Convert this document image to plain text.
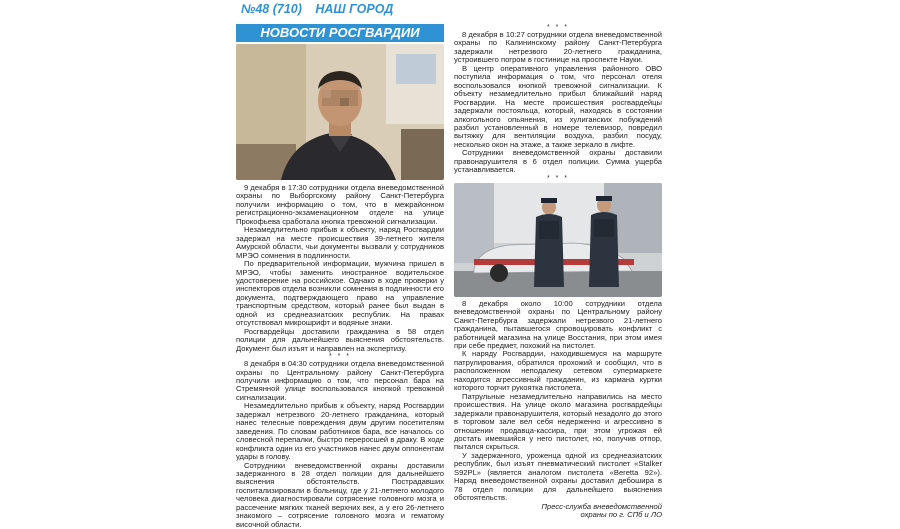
№48 (710) НАШ ГОРОД
НОВОСТИ РОСГВАРДИИ

9 декабря в 17:30 сотрудники отдела вневедомственной охраны по Выборгскому району Санкт-Петербурга получили информацию о том, что в межрайонном регистрационно-экзаменационном отделе на улице Прокофьева сработала кнопка тревожной сигнализации.

Незамедлительно прибыв к объекту, наряд Росгвардии задержал на месте происшествия 39-летнего жителя Амурской области, чьи документы вызвали у сотрудников МРЭО сомнения в подлинности.

По предварительной информации, мужчина пришел в МРЭО, чтобы заменить иностранное водительское удостоверение на российское. Однако в ходе проверки у инспекторов отдела возникли сомнения в подлинности его документа, подтверждающего право на управление транспортным средством, который ранее был выдан в одной из среднеазиатских республик. На правах отсутствовал микрошрифт и водяные знаки.

Росгвардейцы доставили гражданина в 58 отдел полиции для дальнейшего выяснения обстоятельств. Документ был изъят и направлен на экспертизу.

* * *

8 декабря в 04:30 сотрудники отдела вневедомственной охраны по Центральному району Санкт-Петербурга получили информацию о том, что персонал бара на Стремянной улице воспользовался кнопкой тревожной сигнализации.

Незамедлительно прибыв к объекту, наряд Росгвардии задержал нетрезвого 20-летнего гражданина, который нанес телесные повреждения двум другим посетителям заведения. По словам работников бара, все началось со словесной перепалки, быстро переросшей в драку. В ходе конфликта один из его участников нанес двум оппонентам удары в голову.

Сотрудники вневедомственной охраны доставили задержанного в 28 отдел полиции для дальнейшего выяснения обстоятельств. Пострадавших госпитализировали в больницу, где у 21-летнего молодого человека диагностировали сотрясение головного мозга и рассечение мягких тканей верхних век, а у его 26-летнего знакомого – сотрясение головного мозга и гематому височной области.

* * *

8 декабря в 10:27 сотрудники отдела вневедомственной охраны по Калининскому району Санкт-Петербурга задержали нетрезвого 20-летнего гражданина, устроившего погром в гостинице на проспекте Науки.

В центр оперативного управления районного ОВО поступила информация о том, что персонал отеля воспользовался кнопкой тревожной сигнализации. К объекту незамедлительно прибыл ближайший наряд Росгвардии. На месте происшествия росгвардейцы задержали постояльца, который, находясь в состоянии алкогольного опьянения, из хулиганских побуждений разбил установленный в номере телевизор, повредил вытяжку для вентиляции воздуха, разбил посуду, несколько окон на этаже, а также зеркало в лифте.

Сотрудники вневедомственной охраны доставили правонарушителя в 6 отдел полиции. Сумма ущерба устанавливается.

* * *

8 декабря около 10:00 сотрудники отдела вневедомственной охраны по Центральному району Санкт-Петербурга задержали нетрезвого 21-летнего гражданина, пытавшегося спровоцировать конфликт с работницей магазина на улице Восстания, при этом имея при себе предмет, похожий на пистолет.

К наряду Росгвардии, находившемуся на маршруте патрулирования, обратился прохожий и сообщил, что в расположенном неподалеку сетевом супермаркете находится агрессивный гражданин, из кармана куртки которого торчит рукоятка пистолета.

Патрульные незамедлительно направились на место происшествия. На улице около магазина росгвардейцы задержали правонарушителя, который незадолго до этого в торговом зале вел себя недерженно и агрессивно в отношении продавца-кассира, при этом угрожая ей достать имевшийся у него пистолет, но, получив отпор, пытался скрыться.

У задержанного, уроженца одной из среднеазиатских республик, был изъят пневматический пистолет «Stalker S92PL» (является аналогом пистолета «Beretta 92»). Наряд вневедомственной охраны доставил дебошира в 78 отдел полиции для дальнейшего выяснения обстоятельств.

Пресс-служба вневедомственной

охраны по г. СПб и ЛО
